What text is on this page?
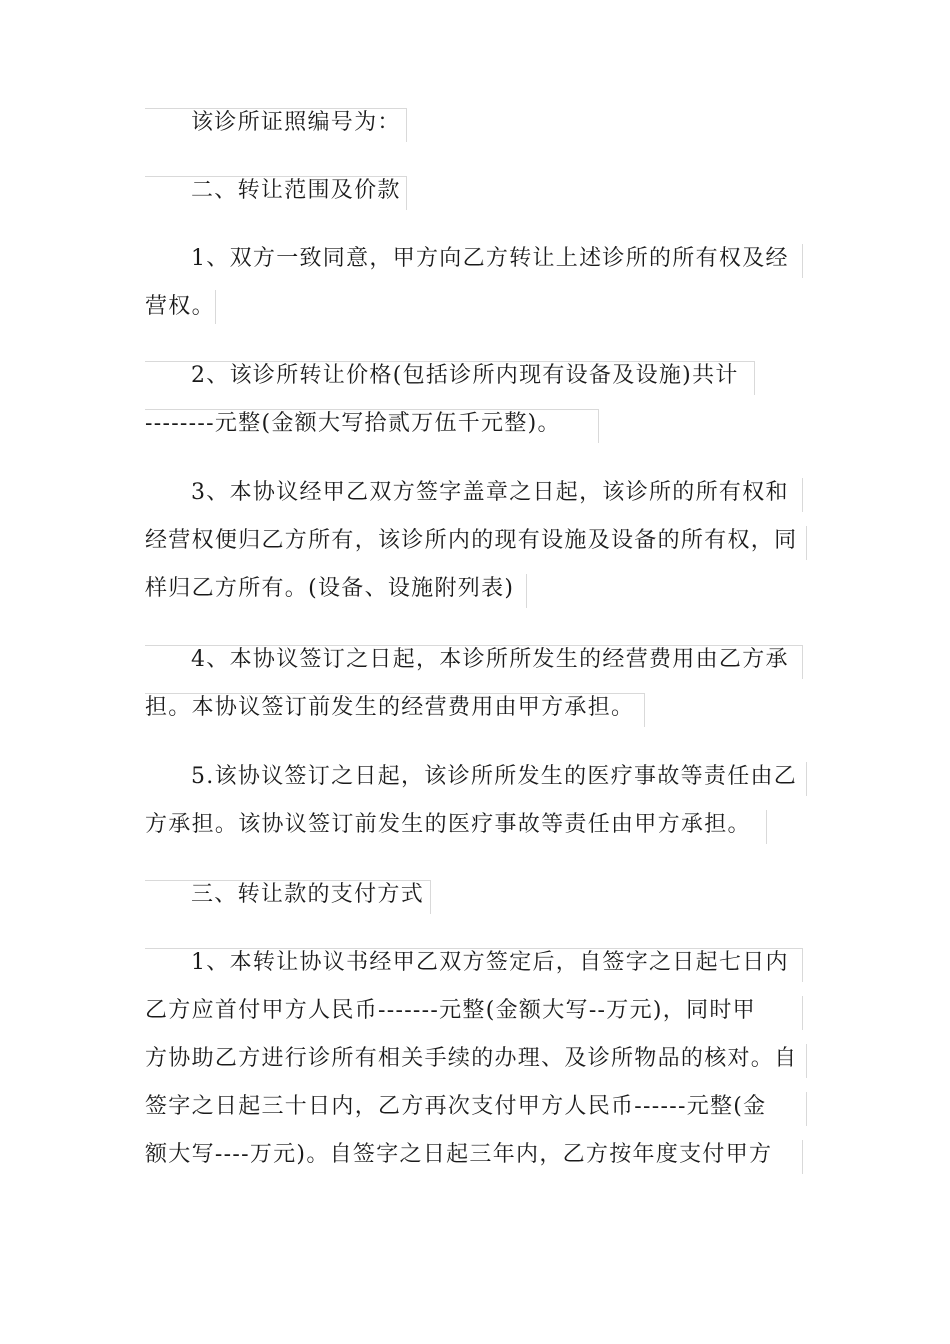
该诊所证照编号为：
二、转让范围及价款
1、双方一致同意，甲方向乙方转让上述诊所的所有权及经
营权。
2、该诊所转让价格(包括诊所内现有设备及设施)共计
--------元整(金额大写拾贰万伍千元整)。
3、本协议经甲乙双方签字盖章之日起，该诊所的所有权和
经营权便归乙方所有，该诊所内的现有设施及设备的所有权，同
样归乙方所有。(设备、设施附列表)
4、本协议签订之日起，本诊所所发生的经营费用由乙方承
担。本协议签订前发生的经营费用由甲方承担。
5.该协议签订之日起，该诊所所发生的医疗事故等责任由乙
方承担。该协议签订前发生的医疗事故等责任由甲方承担。
三、转让款的支付方式
1、本转让协议书经甲乙双方签定后，自签字之日起七日内
乙方应首付甲方人民币-------元整(金额大写--万元)，同时甲
方协助乙方进行诊所有相关手续的办理、及诊所物品的核对。自
签字之日起三十日内，乙方再次支付甲方人民币------元整(金
额大写----万元)。自签字之日起三年内，乙方按年度支付甲方
